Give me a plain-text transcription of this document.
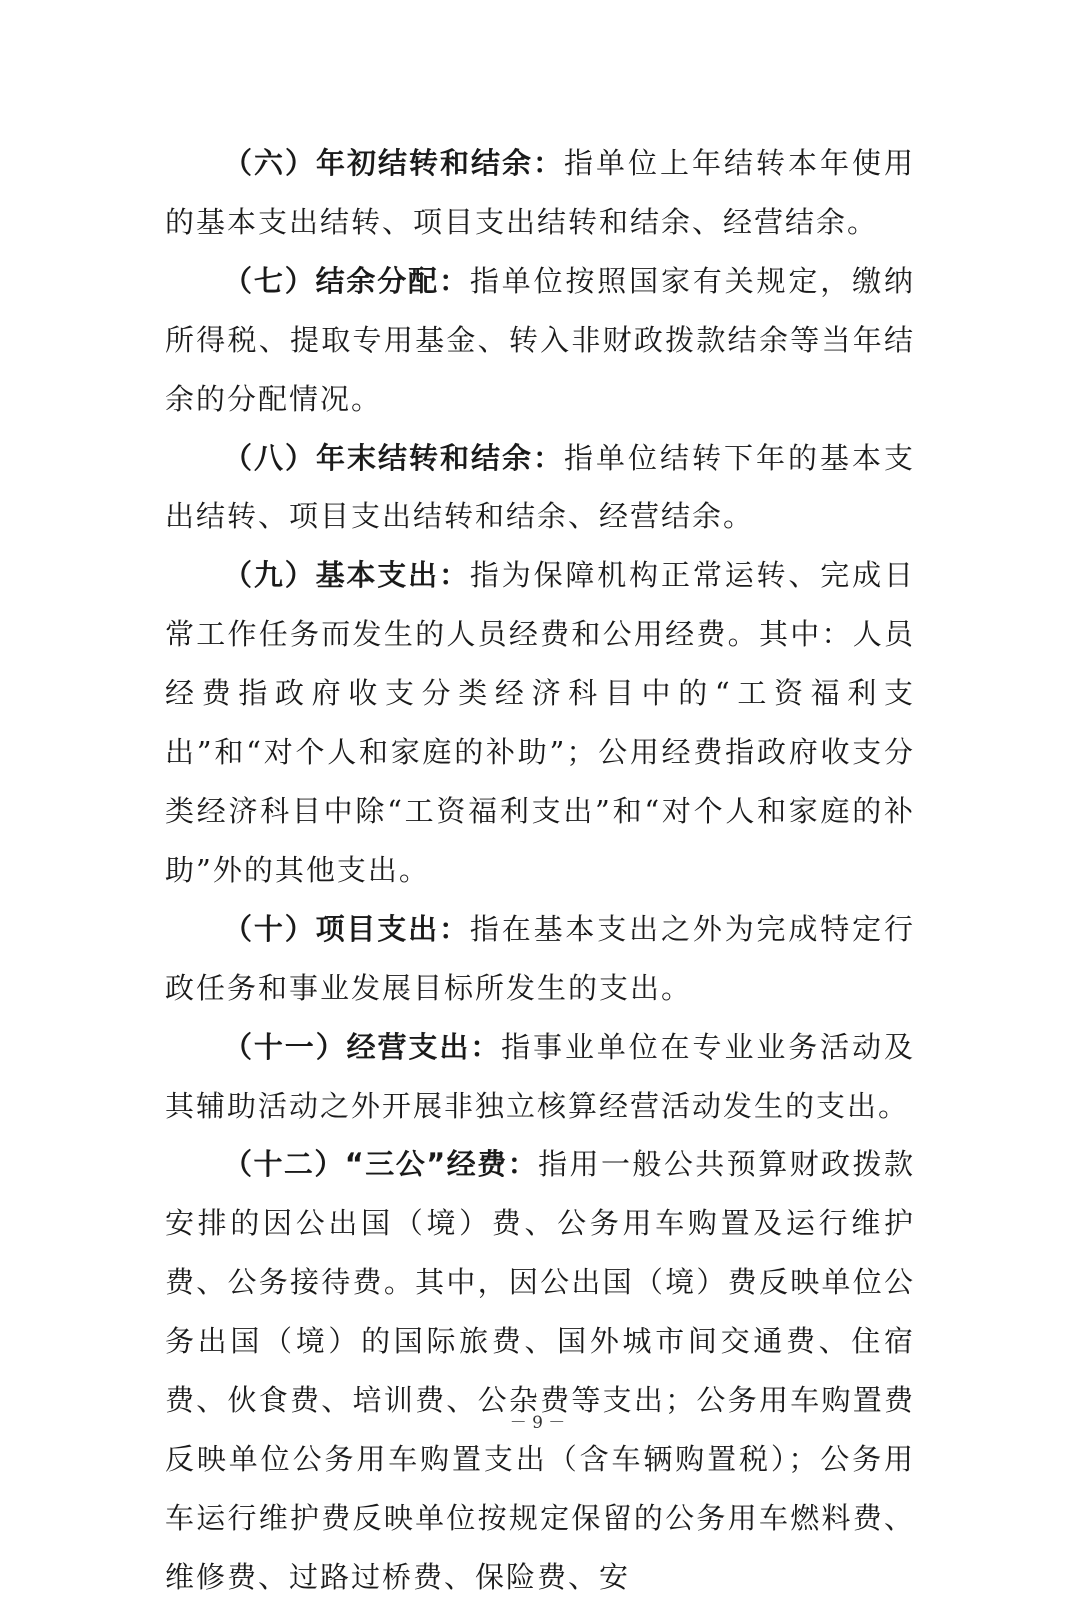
（六）年初结转和结余：指单位上年结转本年使用的基本支出结转、项目支出结转和结余、经营结余。

（七）结余分配：指单位按照国家有关规定，缴纳所得税、提取专用基金、转入非财政拨款结余等当年结余的分配情况。

（八）年末结转和结余：指单位结转下年的基本支出结转、项目支出结转和结余、经营结余。

（九）基本支出：指为保障机构正常运转、完成日常工作任务而发生的人员经费和公用经费。其中：人员经费指政府收支分类经济科目中的“工资福利支出”和“对个人和家庭的补助”；公用经费指政府收支分类经济科目中除“工资福利支出”和“对个人和家庭的补助”外的其他支出。

（十）项目支出：指在基本支出之外为完成特定行政任务和事业发展目标所发生的支出。

（十一）经营支出：指事业单位在专业业务活动及其辅助活动之外开展非独立核算经营活动发生的支出。

（十二）“三公”经费：指用一般公共预算财政拨款安排的因公出国（境）费、公务用车购置及运行维护费、公务接待费。其中，因公出国（境）费反映单位公务出国（境）的国际旅费、国外城市间交通费、住宿费、伙食费、培训费、公杂费等支出；公务用车购置费反映单位公务用车购置支出（含车辆购置税）；公务用车运行维护费反映单位按规定保留的公务用车燃料费、维修费、过路过桥费、保险费、安

－ 9 －
